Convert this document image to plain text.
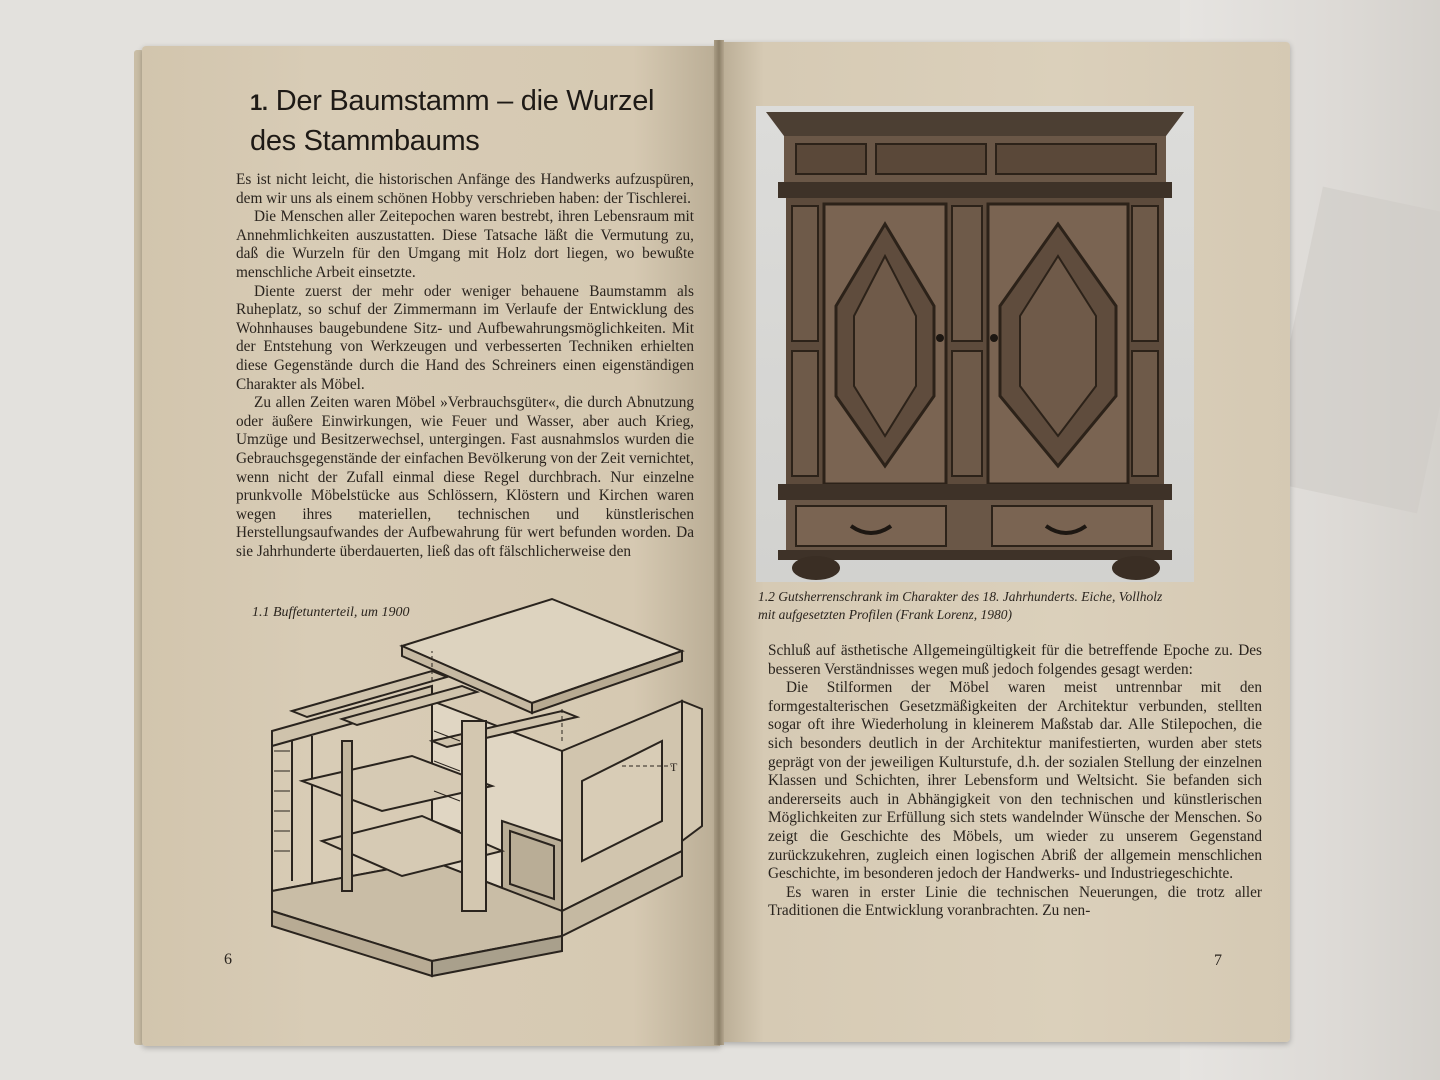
1. Der Baumstamm – die Wurzel
des Stammbaums

Es ist nicht leicht, die historischen Anfänge des Handwerks aufzuspüren, dem wir uns als einem schönen Hobby verschrieben haben: der Tischlerei.

Die Menschen aller Zeitepochen waren bestrebt, ihren Lebensraum mit Annehmlichkeiten auszustatten. Diese Tatsache läßt die Vermutung zu, daß die Wurzeln für den Umgang mit Holz dort liegen, wo bewußte menschliche Arbeit einsetzte.

Diente zuerst der mehr oder weniger behauene Baumstamm als Ruheplatz, so schuf der Zimmermann im Verlaufe der Entwicklung des Wohnhauses baugebundene Sitz- und Aufbewahrungsmöglichkeiten. Mit der Entstehung von Werkzeugen und verbesserten Techniken erhielten diese Gegenstände durch die Hand des Schreiners einen eigenständigen Charakter als Möbel.

Zu allen Zeiten waren Möbel »Verbrauchsgüter«, die durch Abnutzung oder äußere Einwirkungen, wie Feuer und Wasser, aber auch Krieg, Umzüge und Besitzerwechsel, untergingen. Fast ausnahmslos wurden die Gebrauchsgegenstände der einfachen Bevölkerung von der Zeit vernichtet, wenn nicht der Zufall einmal diese Regel durchbrach. Nur einzelne prunkvolle Möbelstücke aus Schlössern, Klöstern und Kirchen waren wegen ihres materiellen, technischen und künstlerischen Herstellungsaufwandes der Aufbewahrung für wert befunden worden. Da sie Jahrhunderte überdauerten, ließ das oft fälschlicherweise den

1.1 Buffetunterteil, um 1900
T
6
1.2 Gutsherrenschrank im Charakter des 18. Jahrhunderts. Eiche, Vollholz
mit aufgesetzten Profilen (Frank Lorenz, 1980)

Schluß auf ästhetische Allgemeingültigkeit für die betreffende Epoche zu. Des besseren Verständnisses wegen muß jedoch folgendes gesagt werden:

Die Stilformen der Möbel waren meist untrennbar mit den formgestalterischen Gesetzmäßigkeiten der Architektur verbunden, stellten sogar oft ihre Wiederholung in kleinerem Maßstab dar. Alle Stilepochen, die sich besonders deutlich in der Architektur manifestierten, wurden aber stets geprägt von der jeweiligen Kulturstufe, d.h. der sozialen Stellung der einzelnen Klassen und Schichten, ihrer Lebensform und Weltsicht. Sie befanden sich andererseits auch in Abhängigkeit von den technischen und künstlerischen Möglichkeiten zur Erfüllung sich stets wandelnder Wünsche der Menschen. So zeigt die Geschichte des Möbels, um wieder zu unserem Gegenstand zurückzukehren, zugleich einen logischen Abriß der allgemein menschlichen Geschichte, im besonderen jedoch der Handwerks- und Industriegeschichte.

Es waren in erster Linie die technischen Neuerungen, die trotz aller Traditionen die Entwicklung voranbrachten. Zu nen-

7
